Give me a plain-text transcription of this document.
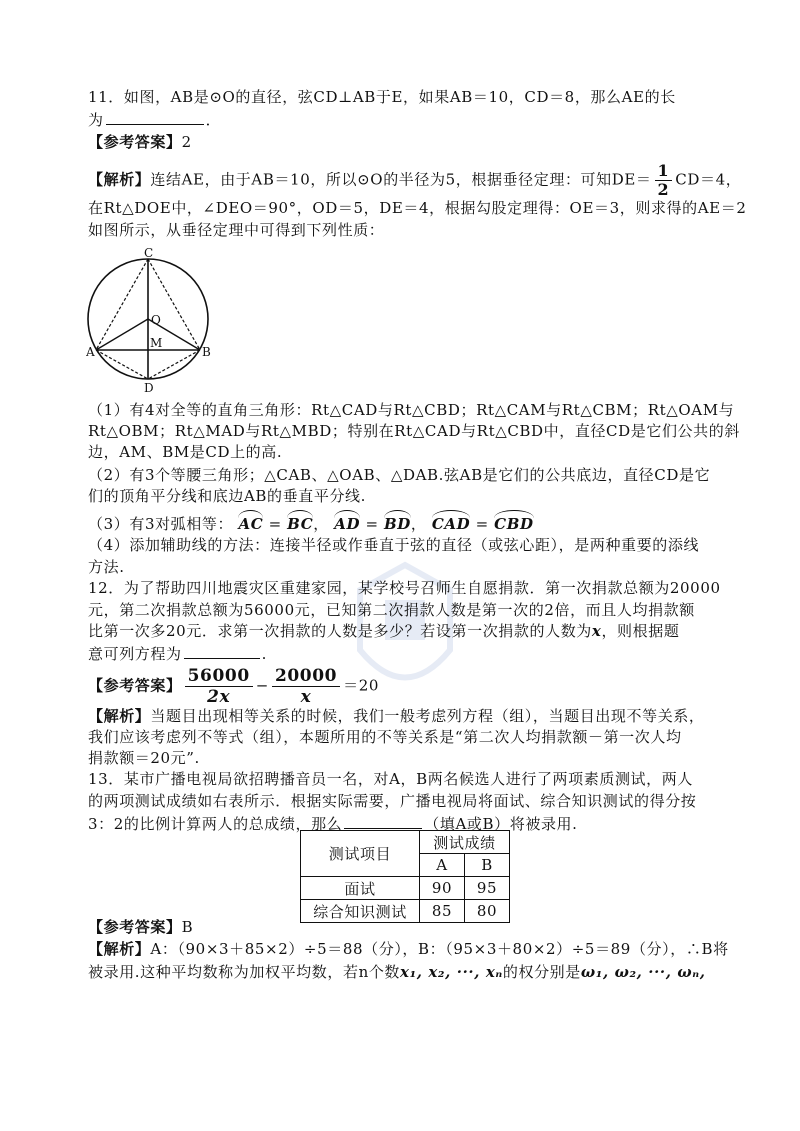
11．如图，AB是⊙O的直径，弦CD⊥AB于E，如果AB＝10，CD＝8，那么AE的长
为	．
【参考答案】2
【解析】连结AE，由于AB＝10，所以⊙O的半径为5，根据垂径定理：可知$DE= \frac{1}{2} CD=4$，
在Rt△DOE中，∠DEO＝90°，OD＝5，DE＝4，根据勾股定理得：OE＝3，则求得的AE＝2
如图所示，从垂径定理中可得到下列性质：
C
O
M
A	B
D
（1）有4对全等的直角三角形：Rt△CAD与Rt△CBD；Rt△CAM与Rt△CBM；Rt△OAM与
Rt△OBM；Rt△MAD与Rt△MBD；特别在Rt△CAD与Rt△CBD中，直径CD是它们公共的斜
边，AM、BM是CD上的高.
（2）有3个等腰三角形；△CAB、△OAB、△DAB.弦AB是它们的公共底边，直径CD是它
们的顶角平分线和底边AB的垂直平分线.
（3）有3对弧相等： AC = BC， AD = BD， CAD = CBD
（4）添加辅助线的方法：连接半径或作垂直于弦的直径（或弦心距），是两种重要的添线
方法.
12．为了帮助四川地震灾区重建家园，某学校号召师生自愿捐款．第一次捐款总额为20000
元，第二次捐款总额为56000元，已知第二次捐款人数是第一次的2倍，而且人均捐款额
比第一次多20元．求第一次捐款的人数是多少？若设第一次捐款的人数为x，则根据题
意可列方程为	.
【参考答案】 $\frac{56000}{2x} - \frac{20000}{x} =20$
【解析】当题目出现相等关系的时候，我们一般考虑列方程（组），当题目出现不等关系，
我们应该考虑列不等式（组），本题所用的不等关系是“第二次人均捐款额－第一次人均
捐款额＝20元”.
13．某市广播电视局欲招聘播音员一名，对A，B两名候选人进行了两项素质测试，两人
的两项测试成绩如右表所示．根据实际需要，广播电视局将面试、综合知识测试的得分按
3：2的比例计算两人的总成绩，那么	（填A或B）将被录用.
测试项目	测试成绩	
	A	B
面试	90	95
综合知识测试	85	80
【参考答案】B
【解析】A：（90×3＋85×2）÷5＝88（分），B：（95×3＋80×2）÷5＝89（分），∴B将
被录用.这种平均数称为加权平均数，若n个数x₁, x₂, ···, xₙ的权分别是ω₁, ω₂, ···, ωₙ,
